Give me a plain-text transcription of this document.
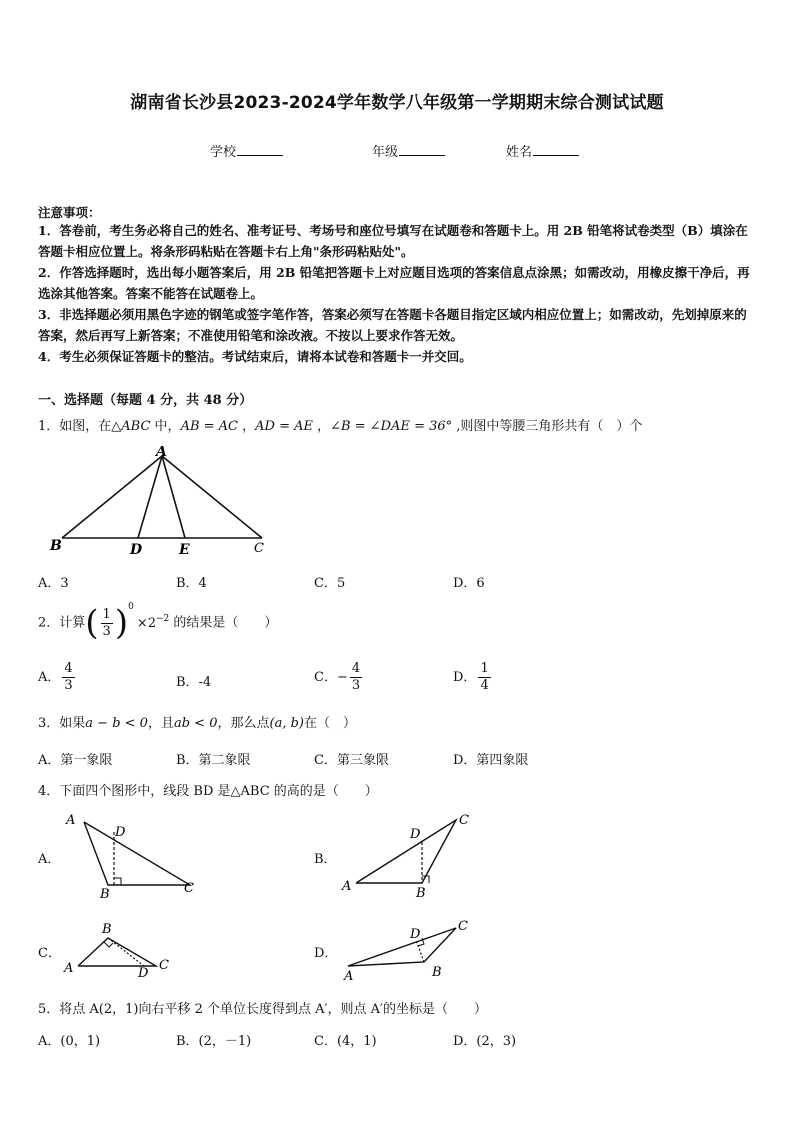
湖南省长沙县2023-2024学年数学八年级第一学期期末综合测试试题
学校	年级	姓名
注意事项：
1．答卷前，考生务必将自己的姓名、准考证号、考场号和座位号填写在试题卷和答题卡上。用 2B 铅笔将试卷类型（B）填涂在答题卡相应位置上。将条形码粘贴在答题卡右上角"条形码粘贴处"。
2．作答选择题时，选出每小题答案后，用 2B 铅笔把答题卡上对应题目选项的答案信息点涂黑；如需改动，用橡皮擦干净后，再选涂其他答案。答案不能答在试题卷上。
3．非选择题必须用黑色字迹的钢笔或签字笔作答，答案必须写在答题卡各题目指定区域内相应位置上；如需改动，先划掉原来的答案，然后再写上新答案；不准使用铅笔和涂改液。不按以上要求作答无效。
4．考生必须保证答题卡的整洁。考试结束后，请将本试卷和答题卡一并交回。
一、选择题（每题 4 分，共 48 分）
1．如图，在△ABC 中，AB = AC ，AD = AE ，∠B = ∠DAE = 36° ,则图中等腰三角形共有（　）个
A
B	D	E	C
A．3	B．4	C．5	D．6
2．计算( $\frac{1}{3} )^0\times 2^{-2}$ 的结果是（　　）
A． $\frac{4}{3}$	B．-4	C．− $\frac{4}{3}$	D． $\frac{1}{4}$
3．如果a − b < 0，且ab < 0，那么点(a, b)在（　）
A．第一象限	B．第二象限	C．第三象限	D．第四象限
4．下面四个图形中，线段 BD 是△ABC 的高的是（　　）
A．
A
D
B	C
B．
A
D
B
C
C．
B
A	D
C
D．
D
C
A	B
5．将点 A(2，1)向右平移 2 个单位长度得到点 A′，则点 A′的坐标是（　　）
A．(0，1)	B．(2，－1)	C．(4，1)	D．(2，3)
